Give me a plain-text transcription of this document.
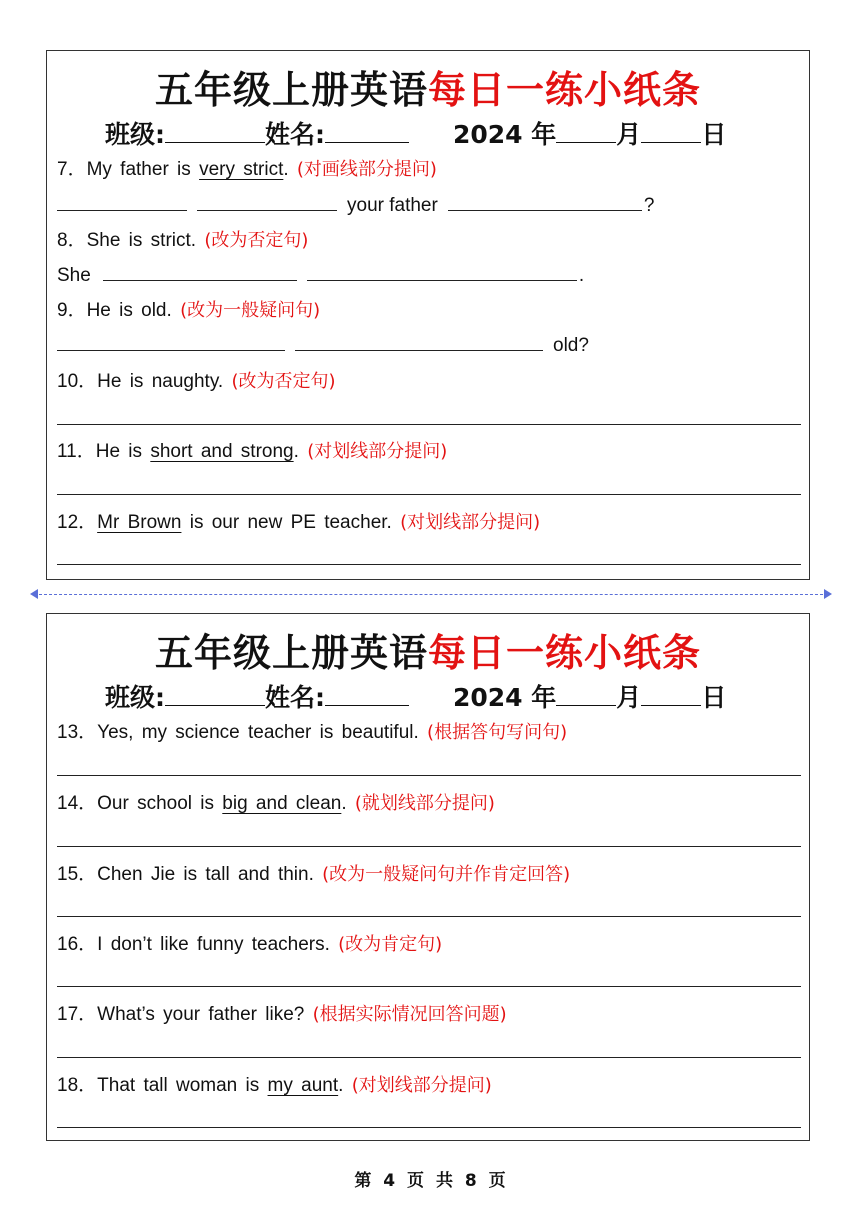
五年级上册英语每日一练小纸条
班级:	姓名:	2024 年 月 日
7．My father is very strict. (对画线部分提问)
your father	?
8．She is strict. (改为否定句)
She	.
9．He is old. (改为一般疑问句)
old?
10．He is naughty. (改为否定句)
11．He is short and strong. (对划线部分提问)
12．Mr Brown is our new PE teacher. (对划线部分提问)
五年级上册英语每日一练小纸条
班级:	姓名:	2024 年 月 日
13．Yes, my science teacher is beautiful. (根据答句写问句)
14．Our school is big and clean. (就划线部分提问)
15．Chen Jie is tall and thin. (改为一般疑问句并作肯定回答)
16．I don’t like funny teachers. (改为肯定句)
17．What’s your father like? (根据实际情况回答问题)
18．That tall woman is my aunt. (对划线部分提问)
第 4 页 共 8 页
